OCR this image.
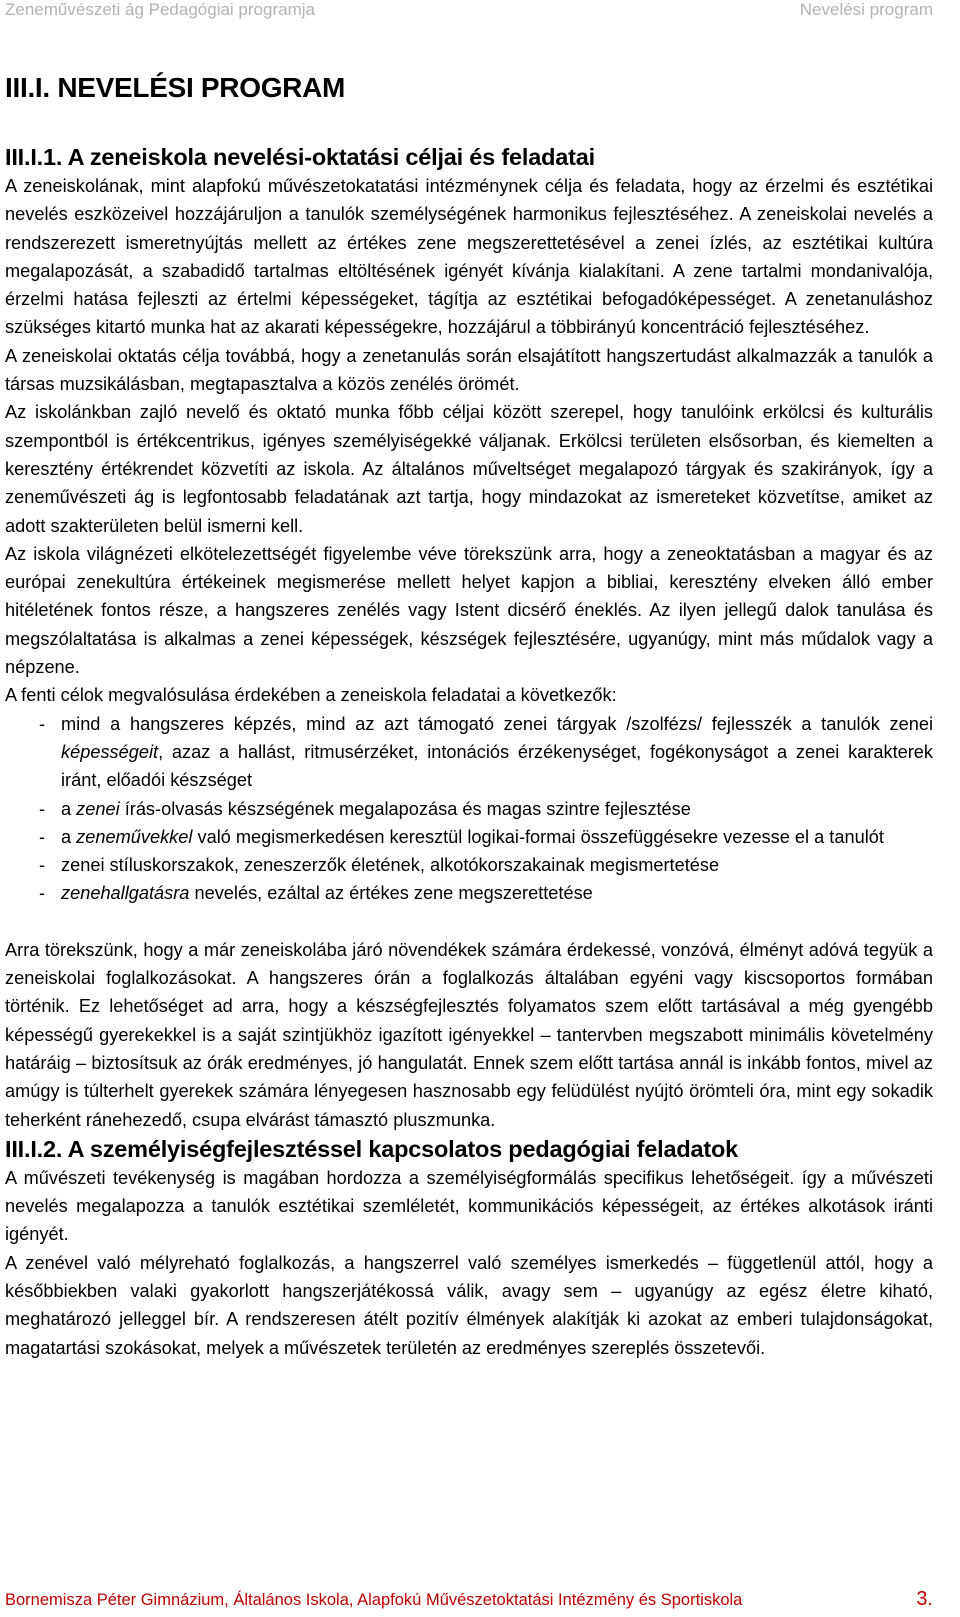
Zeneművészeti ág Pedagógiai programja	Nevelési program
III.I. NEVELÉSI PROGRAM
III.I.1. A zeneiskola nevelési-oktatási céljai és feladatai

A zeneiskolának, mint alapfokú művészetokatatási intézménynek célja és feladata, hogy az érzelmi és esztétikai nevelés eszközeivel hozzájáruljon a tanulók személységének harmonikus fejlesztéséhez. A zeneiskolai nevelés a rendszerezett ismeretnyújtás mellett az értékes zene megszerettetésével a zenei ízlés, az esztétikai kultúra megalapozását, a szabadidő tartalmas eltöltésének igényét kívánja kialakítani. A zene tartalmi mondanivalója, érzelmi hatása fejleszti az értelmi képességeket, tágítja az esztétikai befogadóképességet. A zenetanuláshoz szükséges kitartó munka hat az akarati képességekre, hozzájárul a többirányú koncentráció fejlesztéséhez.

A zeneiskolai oktatás célja továbbá, hogy a zenetanulás során elsajátított hangszertudást alkalmazzák a tanulók a társas muzsikálásban, megtapasztalva a közös zenélés örömét.

Az iskolánkban zajló nevelő és oktató munka főbb céljai között szerepel, hogy tanulóink erkölcsi és kulturális szempontból is értékcentrikus, igényes személyiségekké váljanak. Erkölcsi területen elsősorban, és kiemelten a keresztény értékrendet közvetíti az iskola. Az általános műveltséget megalapozó tárgyak és szakirányok, így a zeneművészeti ág is legfontosabb feladatának azt tartja, hogy mindazokat az ismereteket közvetítse, amiket az adott szakterületen belül ismerni kell.

Az iskola világnézeti elkötelezettségét figyelembe véve törekszünk arra, hogy a zeneoktatásban a magyar és az európai zenekultúra értékeinek megismerése mellett helyet kapjon a bibliai, keresztény elveken álló ember hitéletének fontos része, a hangszeres zenélés vagy Istent dicsérő éneklés. Az ilyen jellegű dalok tanulása és megszólaltatása is alkalmas a zenei képességek, készségek fejlesztésére, ugyanúgy, mint más műdalok vagy a népzene.

A fenti célok megvalósulása érdekében a zeneiskola feladatai a következők:

- mind a hangszeres képzés, mind az azt támogató zenei tárgyak /szolfézs/ fejlesszék a tanulók zenei képességeit, azaz a hallást, ritmusérzéket, intonációs érzékenységet, fogékonyságot a zenei karakterek iránt, előadói készséget
- a zenei írás-olvasás készségének megalapozása és magas szintre fejlesztése
- a zeneművekkel való megismerkedésen keresztül logikai-formai összefüggésekre vezesse el a tanulót
- zenei stíluskorszakok, zeneszerzők életének, alkotókorszakainak megismertetése
- zenehallgatásra nevelés, ezáltal az értékes zene megszerettetése

Arra törekszünk, hogy a már zeneiskolába járó növendékek számára érdekessé, vonzóvá, élményt adóvá tegyük a zeneiskolai foglalkozásokat. A hangszeres órán a foglalkozás általában egyéni vagy kiscsoportos formában történik. Ez lehetőséget ad arra, hogy a készségfejlesztés folyamatos szem előtt tartásával a még gyengébb képességű gyerekekkel is a saját szintjükhöz igazított igényekkel – tantervben megszabott minimális követelmény határáig – biztosítsuk az órák eredményes, jó hangulatát. Ennek szem előtt tartása annál is inkább fontos, mivel az amúgy is túlterhelt gyerekek számára lényegesen hasznosabb egy felüdülést nyújtó örömteli óra, mint egy sokadik teherként ránehezedő, csupa elvárást támasztó pluszmunka.

III.I.2. A személyiségfejlesztéssel kapcsolatos pedagógiai feladatok

A művészeti tevékenység is magában hordozza a személyiségformálás specifikus lehetőségeit. így a művészeti nevelés megalapozza a tanulók esztétikai szemléletét, kommunikációs képességeit, az értékes alkotások iránti igényét.

A zenével való mélyreható foglalkozás, a hangszerrel való személyes ismerkedés – függetlenül attól, hogy a későbbiekben valaki gyakorlott hangszerjátékossá válik, avagy sem – ugyanúgy az egész életre kiható, meghatározó jelleggel bír. A rendszeresen átélt pozitív élmények alakítják ki azokat az emberi tulajdonságokat, magatartási szokásokat, melyek a művészetek területén az eredményes szereplés összetevői.

Bornemisza Péter Gimnázium, Általános Iskola, Alapfokú Művészetoktatási Intézmény és Sportiskola	3.
